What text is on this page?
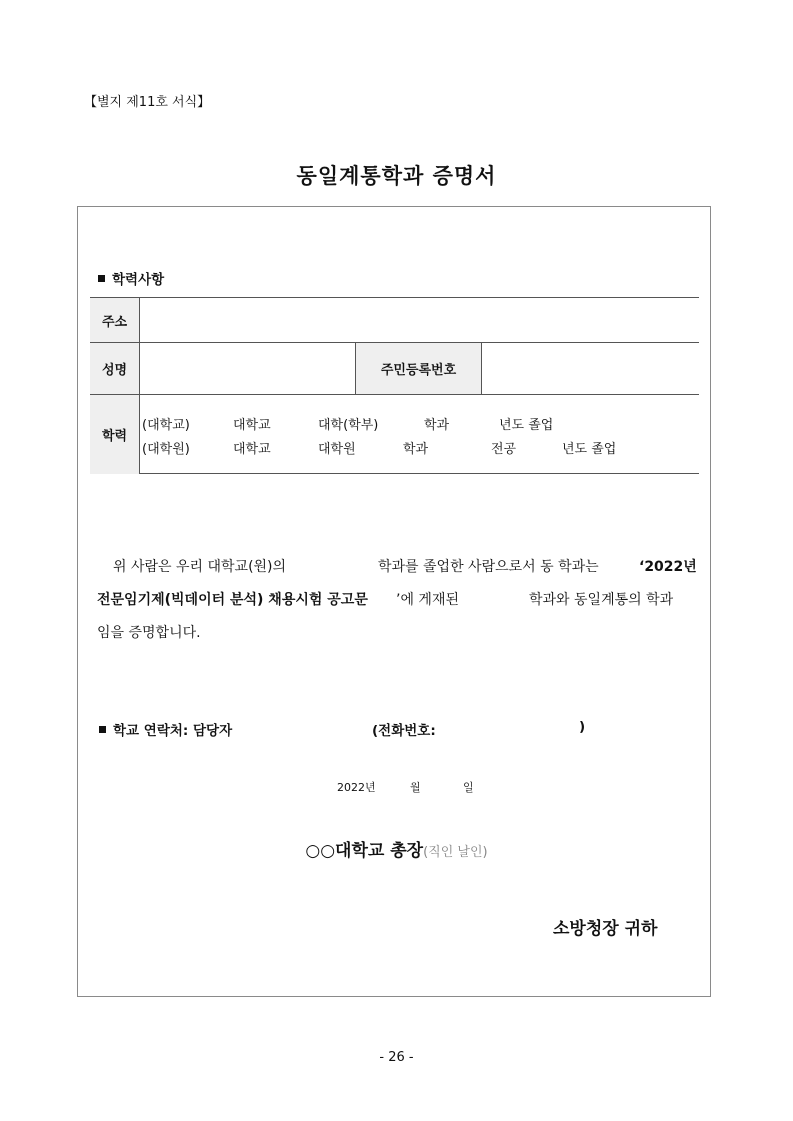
【별지 제11호 서식】
동일계통학과 증명서
학력사항
주소
성명	주민등록번호
학력
(대학교)	대학교	대학(학부)	학과	년도 졸업
(대학원)	대학교	대학원	학과	전공	년도 졸업
위 사람은 우리 대학교(원)의	학과를 졸업한 사람으로서 동 학과는	‘2022년
전문임기제(빅데이터 분석) 채용시험 공고문 ’에 게재된	학과와 동일계통의 학과
임을 증명합니다.
학교 연락처: 담당자	(전화번호:	)
2022년	월	일
○○대학교 총장(직인 날인)
소방청장 귀하
- 26 -
